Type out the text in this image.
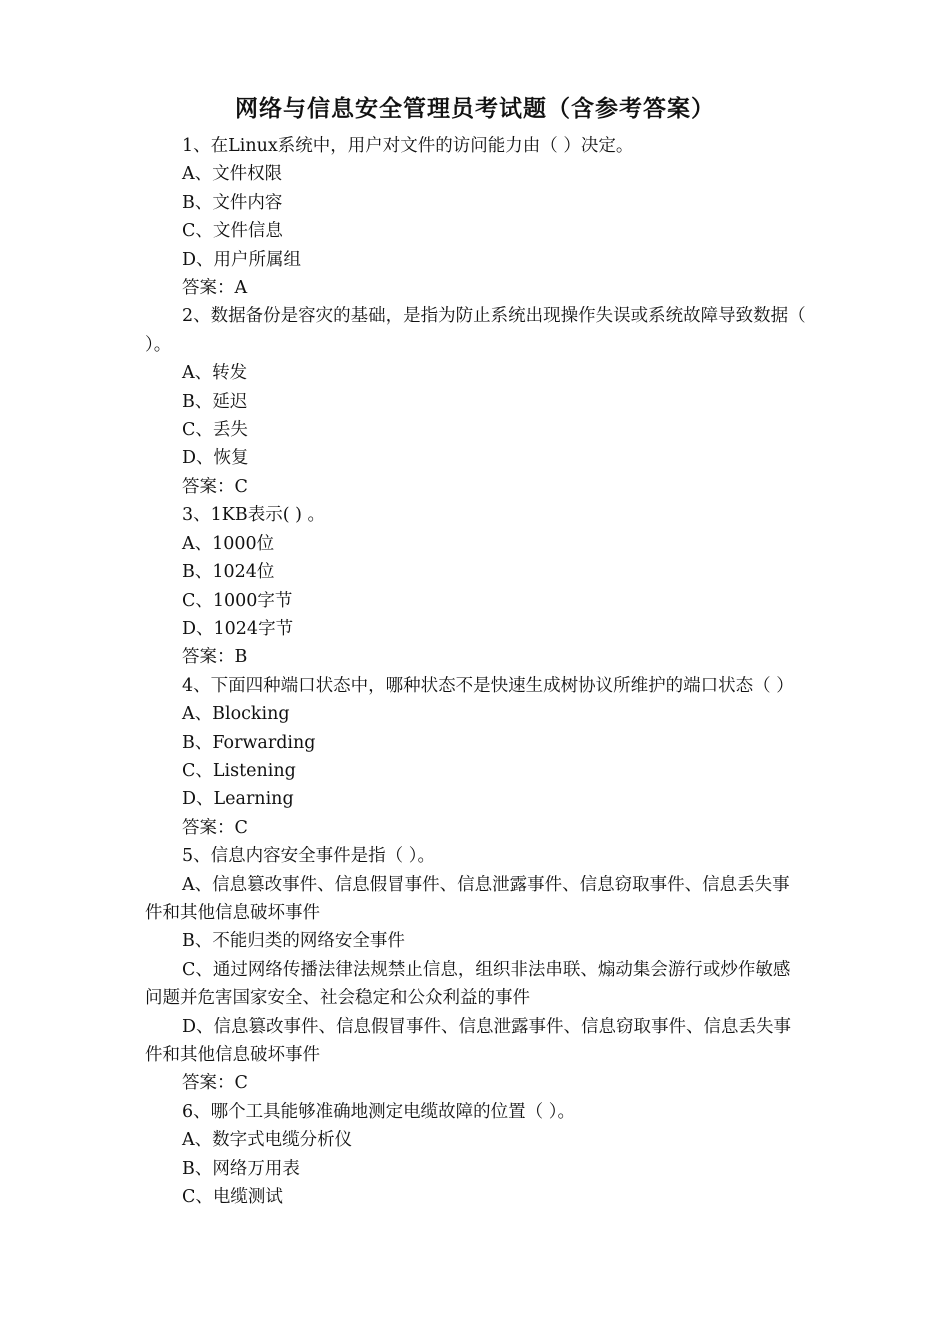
网络与信息安全管理员考试题（含参考答案）

1、在Linux系统中，用户对文件的访问能力由（ ）决定。

A、文件权限

B、文件内容

C、文件信息

D、用户所属组

答案：A

2、数据备份是容灾的基础，是指为防止系统出现操作失误或系统故障导致数据（ ）。

A、转发

B、延迟

C、丢失

D、恢复

答案：C

3、1KB表示( ) 。

A、1000位

B、1024位

C、1000字节

D、1024字节

答案：B

4、下面四种端口状态中，哪种状态不是快速生成树协议所维护的端口状态（ ）

A、Blocking

B、Forwarding

C、Listening

D、Learning

答案：C

5、信息内容安全事件是指（ ）。

A、信息篡改事件、信息假冒事件、信息泄露事件、信息窃取事件、信息丢失事件和其他信息破坏事件

B、不能归类的网络安全事件

C、通过网络传播法律法规禁止信息，组织非法串联、煽动集会游行或炒作敏感问题并危害国家安全、社会稳定和公众利益的事件

D、信息篡改事件、信息假冒事件、信息泄露事件、信息窃取事件、信息丢失事件和其他信息破坏事件

答案：C

6、哪个工具能够准确地测定电缆故障的位置（ ）。

A、数字式电缆分析仪

B、网络万用表

C、电缆测试
